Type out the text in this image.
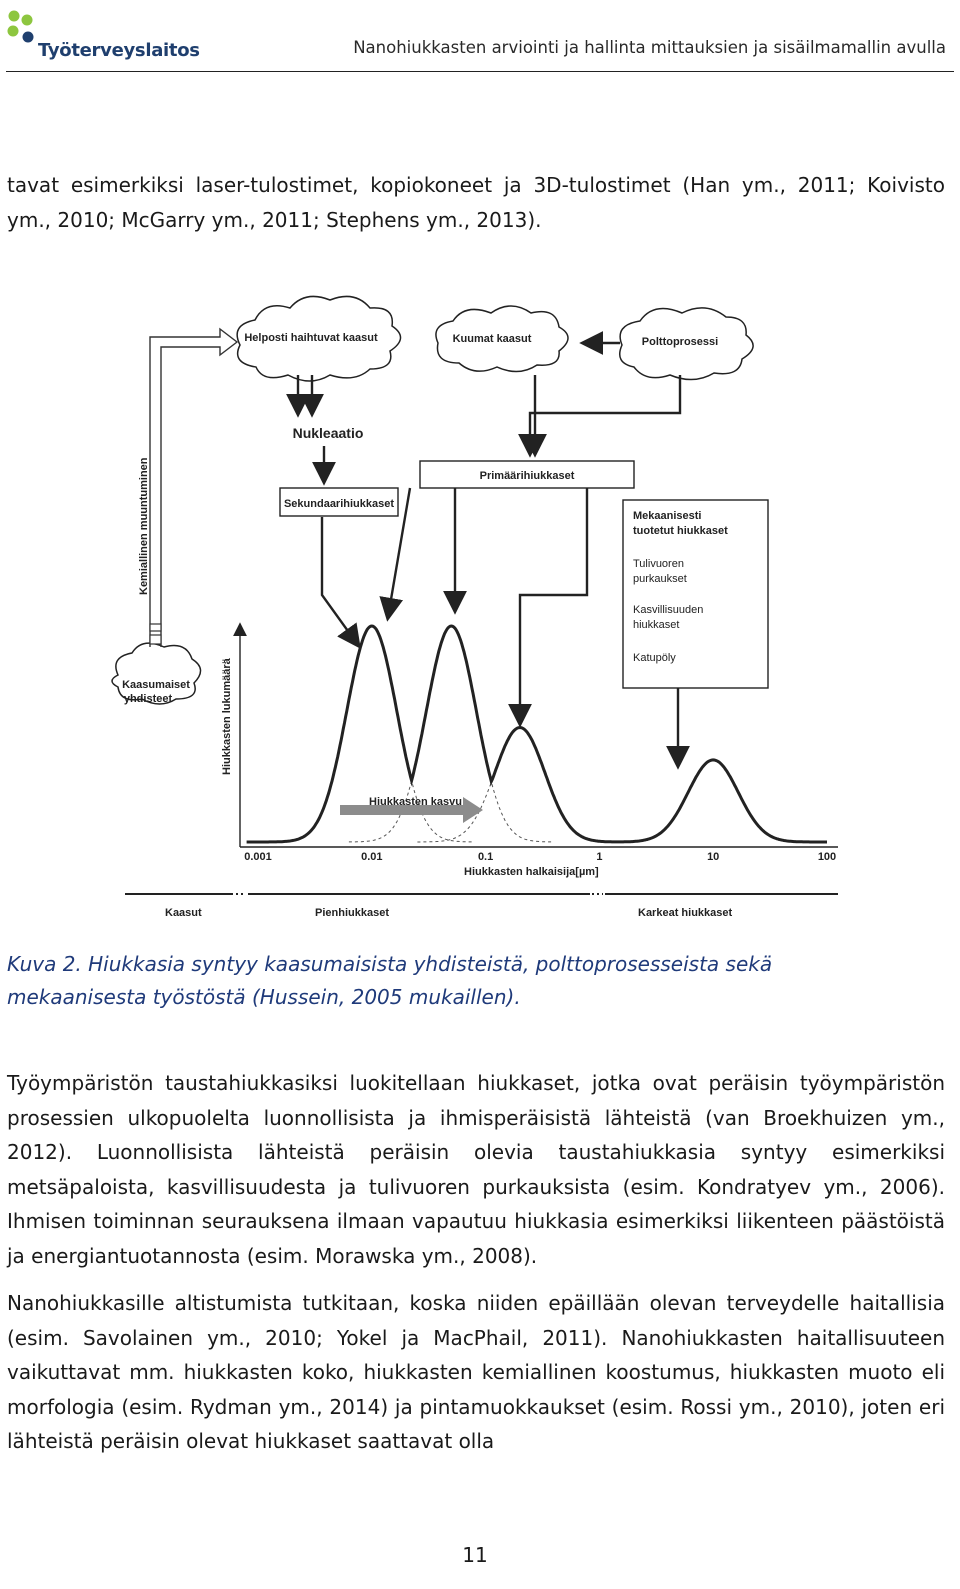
Työterveyslaitos	Nanohiukkasten arviointi ja hallinta mittauksien ja sisäilmamallin avulla

tavat esimerkiksi laser-tulostimet, kopiokoneet ja 3D-tulostimet (Han ym., 2011; Koivisto ym., 2010; McGarry ym., 2011; Stephens ym., 2013).

Helposti haihtuvat kaasut	Kuumat kaasut	Polttoprosessi
Kaasumaiset
yhdisteet
Kemiallinen muuntuminen
Nukleaatio
Sekundaarihiukkaset
Primäärihiukkaset
Mekaanisesti
tuotetut hiukkaset
Tulivuoren
purkaukset
Kasvillisuuden
hiukkaset
Katupöly
Hiukkasten lukumäärä
0.001	0.01	0.1	1	10	100
Hiukkasten kasvu
Hiukkasten halkaisija[µm]
Kaasut	Pienhiukkaset	Karkeat hiukkaset

Kuva 2. Hiukkasia syntyy kaasumaisista yhdisteistä, polttoprosesseista sekä mekaanisesta työstöstä (Hussein, 2005 mukaillen).

Työympäristön taustahiukkasiksi luokitellaan hiukkaset, jotka ovat peräisin työympäristön prosessien ulkopuolelta luonnollisista ja ihmisperäisistä lähteistä (van Broekhuizen ym., 2012). Luonnollisista lähteistä peräisin olevia taustahiukkasia syntyy esimerkiksi metsäpaloista, kasvillisuudesta ja tulivuoren purkauksista (esim. Kondratyev ym., 2006). Ihmisen toiminnan seurauksena ilmaan vapautuu hiukkasia esimerkiksi liikenteen päästöistä ja energiantuotannosta (esim. Morawska ym., 2008).

Nanohiukkasille altistumista tutkitaan, koska niiden epäillään olevan terveydelle haitallisia (esim. Savolainen ym., 2010; Yokel ja MacPhail, 2011). Nanohiukkasten haitallisuuteen vaikuttavat mm. hiukkasten koko, hiukkasten kemiallinen koostumus, hiukkasten muoto eli morfologia (esim. Rydman ym., 2014) ja pintamuokkaukset (esim. Rossi ym., 2010), joten eri lähteistä peräisin olevat hiukkaset saattavat olla

11
